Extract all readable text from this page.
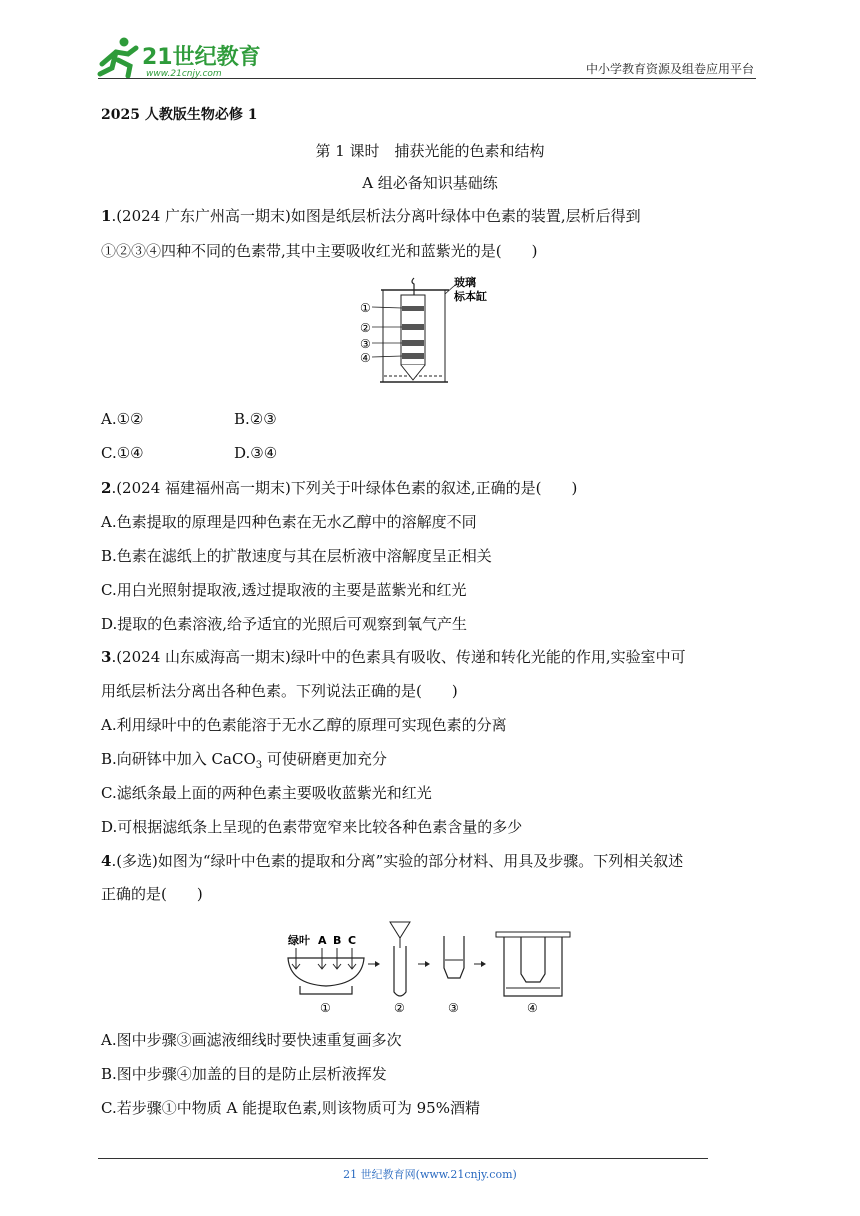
21世纪教育
www.21cnjy.com	中小学教育资源及组卷应用平台
2025 人教版生物必修 1
第 1 课时　捕获光能的色素和结构
A 组必备知识基础练
1.(2024 广东广州高一期末)如图是纸层析法分离叶绿体中色素的装置,层析后得到
①②③④四种不同的色素带,其中主要吸收红光和蓝紫光的是(　　)
①
②
③
④
玻璃
标本缸
A.①②	B.②③
C.①④	D.③④
2.(2024 福建福州高一期末)下列关于叶绿体色素的叙述,正确的是(　　)
A.色素提取的原理是四种色素在无水乙醇中的溶解度不同
B.色素在滤纸上的扩散速度与其在层析液中溶解度呈正相关
C.用白光照射提取液,透过提取液的主要是蓝紫光和红光
D.提取的色素溶液,给予适宜的光照后可观察到氧气产生
3.(2024 山东威海高一期末)绿叶中的色素具有吸收、传递和转化光能的作用,实验室中可
用纸层析法分离出各种色素。下列说法正确的是(　　)
A.利用绿叶中的色素能溶于无水乙醇的原理可实现色素的分离
B.向研钵中加入 CaCO$_3$ 可使研磨更加充分
C.滤纸条最上面的两种色素主要吸收蓝紫光和红光
D.可根据滤纸条上呈现的色素带宽窄来比较各种色素含量的多少
4.(多选)如图为“绿叶中色素的提取和分离”实验的部分材料、用具及步骤。下列相关叙述
正确的是(　　)
绿叶 A B C
①	②	③	④
A.图中步骤③画滤液细线时要快速重复画多次
B.图中步骤④加盖的目的是防止层析液挥发
C.若步骤①中物质 A 能提取色素,则该物质可为 95%酒精
21 世纪教育网(www.21cnjy.com)
